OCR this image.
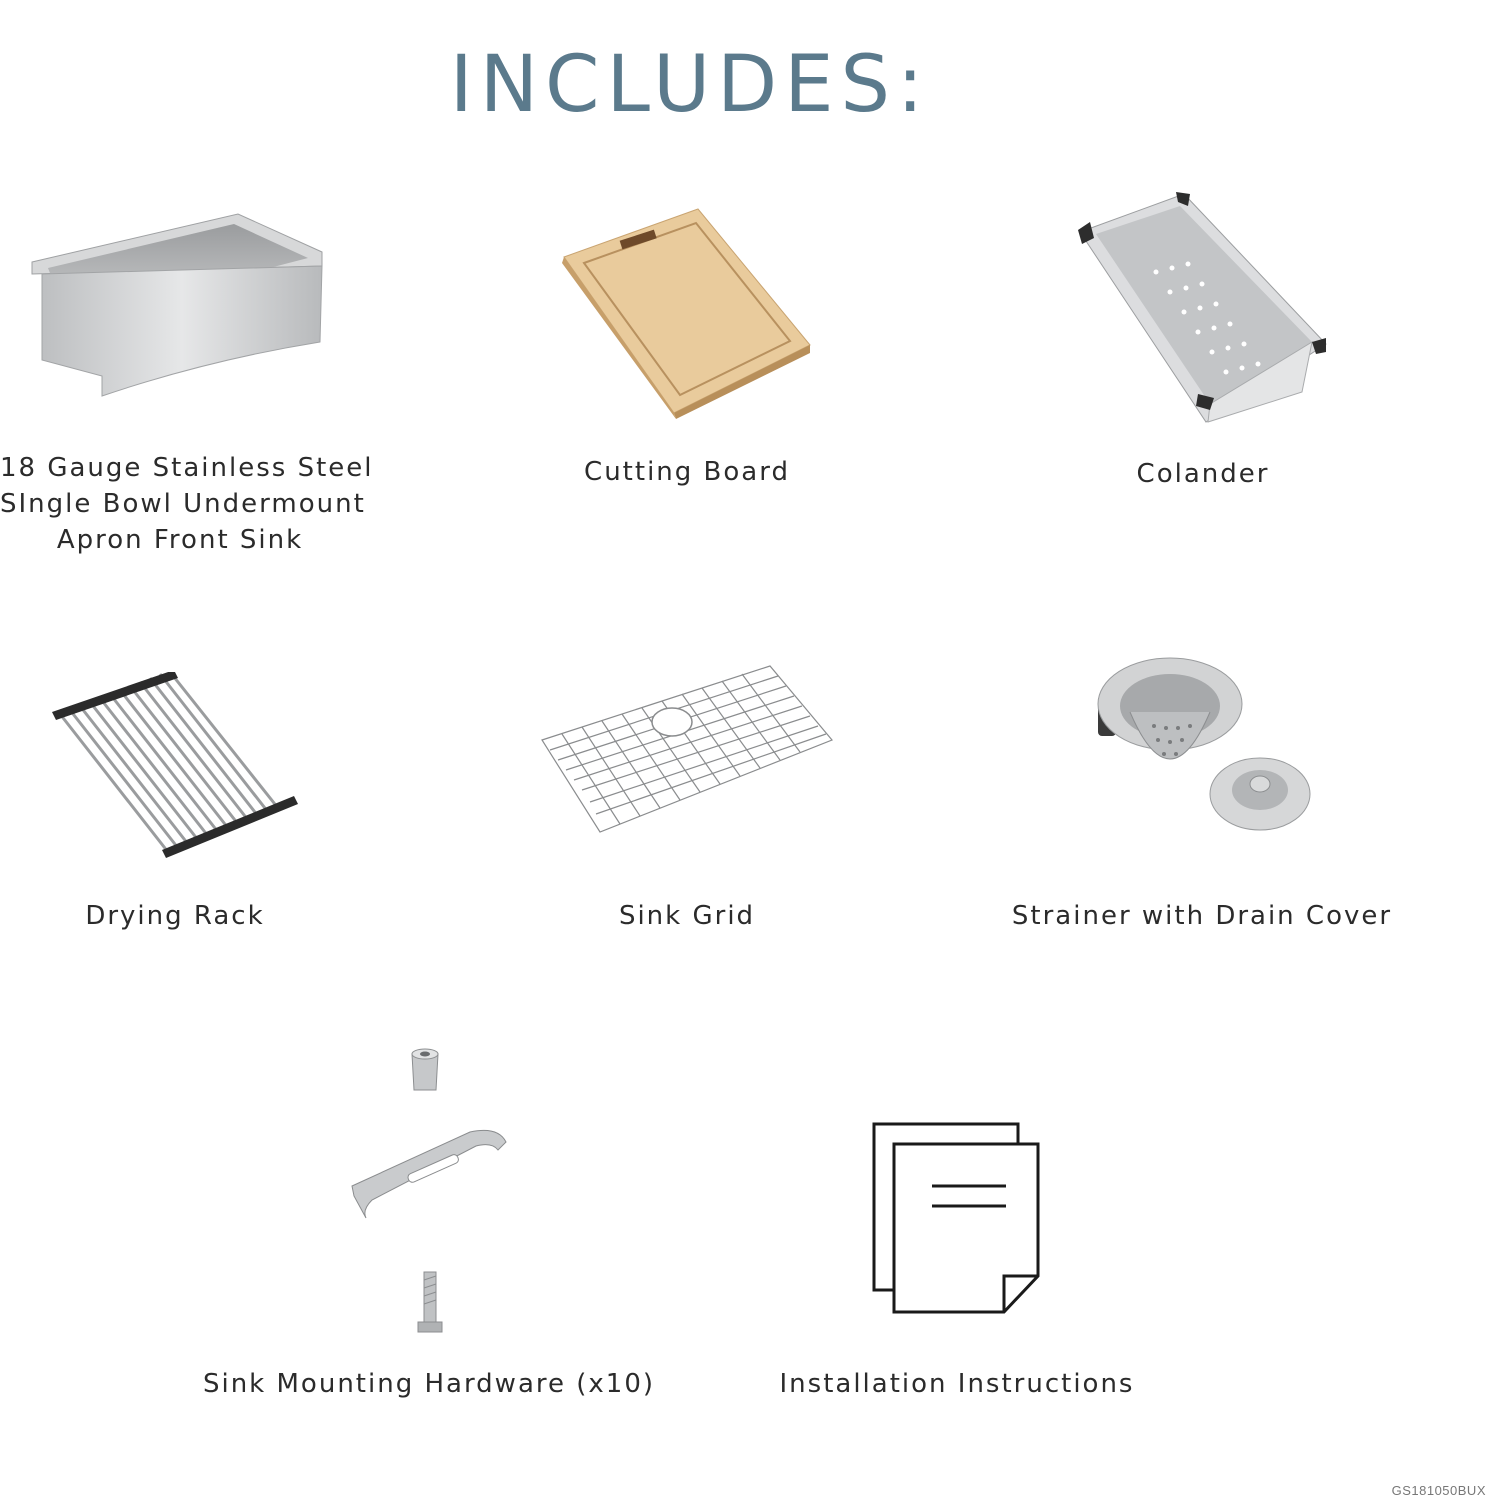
INCLUDES:
18 Gauge Stainless Steel
SIngle Bowl Undermount
Apron Front Sink
Cutting Board	Colander
Drying Rack	Sink Grid	Strainer with Drain Cover
Sink Mounting Hardware (x10)	Installation Instructions
GS181050BUX
